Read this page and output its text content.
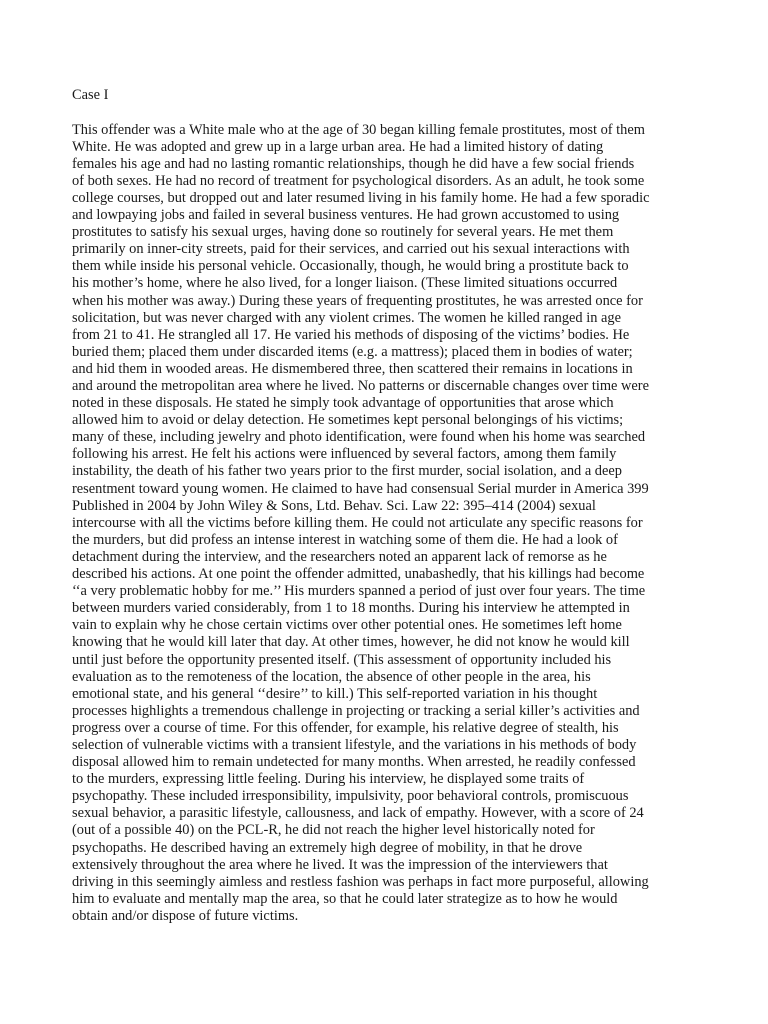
Case I
This offender was a White male who at the age of 30 began killing female prostitutes, most of them
White. He was adopted and grew up in a large urban area. He had a limited history of dating
females his age and had no lasting romantic relationships, though he did have a few social friends
of both sexes. He had no record of treatment for psychological disorders. As an adult, he took some
college courses, but dropped out and later resumed living in his family home. He had a few sporadic
and lowpaying jobs and failed in several business ventures. He had grown accustomed to using
prostitutes to satisfy his sexual urges, having done so routinely for several years. He met them
primarily on inner-city streets, paid for their services, and carried out his sexual interactions with
them while inside his personal vehicle. Occasionally, though, he would bring a prostitute back to
his mother’s home, where he also lived, for a longer liaison. (These limited situations occurred
when his mother was away.) During these years of frequenting prostitutes, he was arrested once for
solicitation, but was never charged with any violent crimes. The women he killed ranged in age
from 21 to 41. He strangled all 17. He varied his methods of disposing of the victims’ bodies. He
buried them; placed them under discarded items (e.g. a mattress); placed them in bodies of water;
and hid them in wooded areas. He dismembered three, then scattered their remains in locations in
and around the metropolitan area where he lived. No patterns or discernable changes over time were
noted in these disposals. He stated he simply took advantage of opportunities that arose which
allowed him to avoid or delay detection. He sometimes kept personal belongings of his victims;
many of these, including jewelry and photo identification, were found when his home was searched
following his arrest. He felt his actions were influenced by several factors, among them family
instability, the death of his father two years prior to the first murder, social isolation, and a deep
resentment toward young women. He claimed to have had consensual Serial murder in America 399
Published in 2004 by John Wiley & Sons, Ltd. Behav. Sci. Law 22: 395–414 (2004) sexual
intercourse with all the victims before killing them. He could not articulate any specific reasons for
the murders, but did profess an intense interest in watching some of them die. He had a look of
detachment during the interview, and the researchers noted an apparent lack of remorse as he
described his actions. At one point the offender admitted, unabashedly, that his killings had become
‘‘a very problematic hobby for me.’’ His murders spanned a period of just over four years. The time
between murders varied considerably, from 1 to 18 months. During his interview he attempted in
vain to explain why he chose certain victims over other potential ones. He sometimes left home
knowing that he would kill later that day. At other times, however, he did not know he would kill
until just before the opportunity presented itself. (This assessment of opportunity included his
evaluation as to the remoteness of the location, the absence of other people in the area, his
emotional state, and his general ‘‘desire’’ to kill.) This self-reported variation in his thought
processes highlights a tremendous challenge in projecting or tracking a serial killer’s activities and
progress over a course of time. For this offender, for example, his relative degree of stealth, his
selection of vulnerable victims with a transient lifestyle, and the variations in his methods of body
disposal allowed him to remain undetected for many months. When arrested, he readily confessed
to the murders, expressing little feeling. During his interview, he displayed some traits of
psychopathy. These included irresponsibility, impulsivity, poor behavioral controls, promiscuous
sexual behavior, a parasitic lifestyle, callousness, and lack of empathy. However, with a score of 24
(out of a possible 40) on the PCL-R, he did not reach the higher level historically noted for
psychopaths. He described having an extremely high degree of mobility, in that he drove
extensively throughout the area where he lived. It was the impression of the interviewers that
driving in this seemingly aimless and restless fashion was perhaps in fact more purposeful, allowing
him to evaluate and mentally map the area, so that he could later strategize as to how he would
obtain and/or dispose of future victims.
